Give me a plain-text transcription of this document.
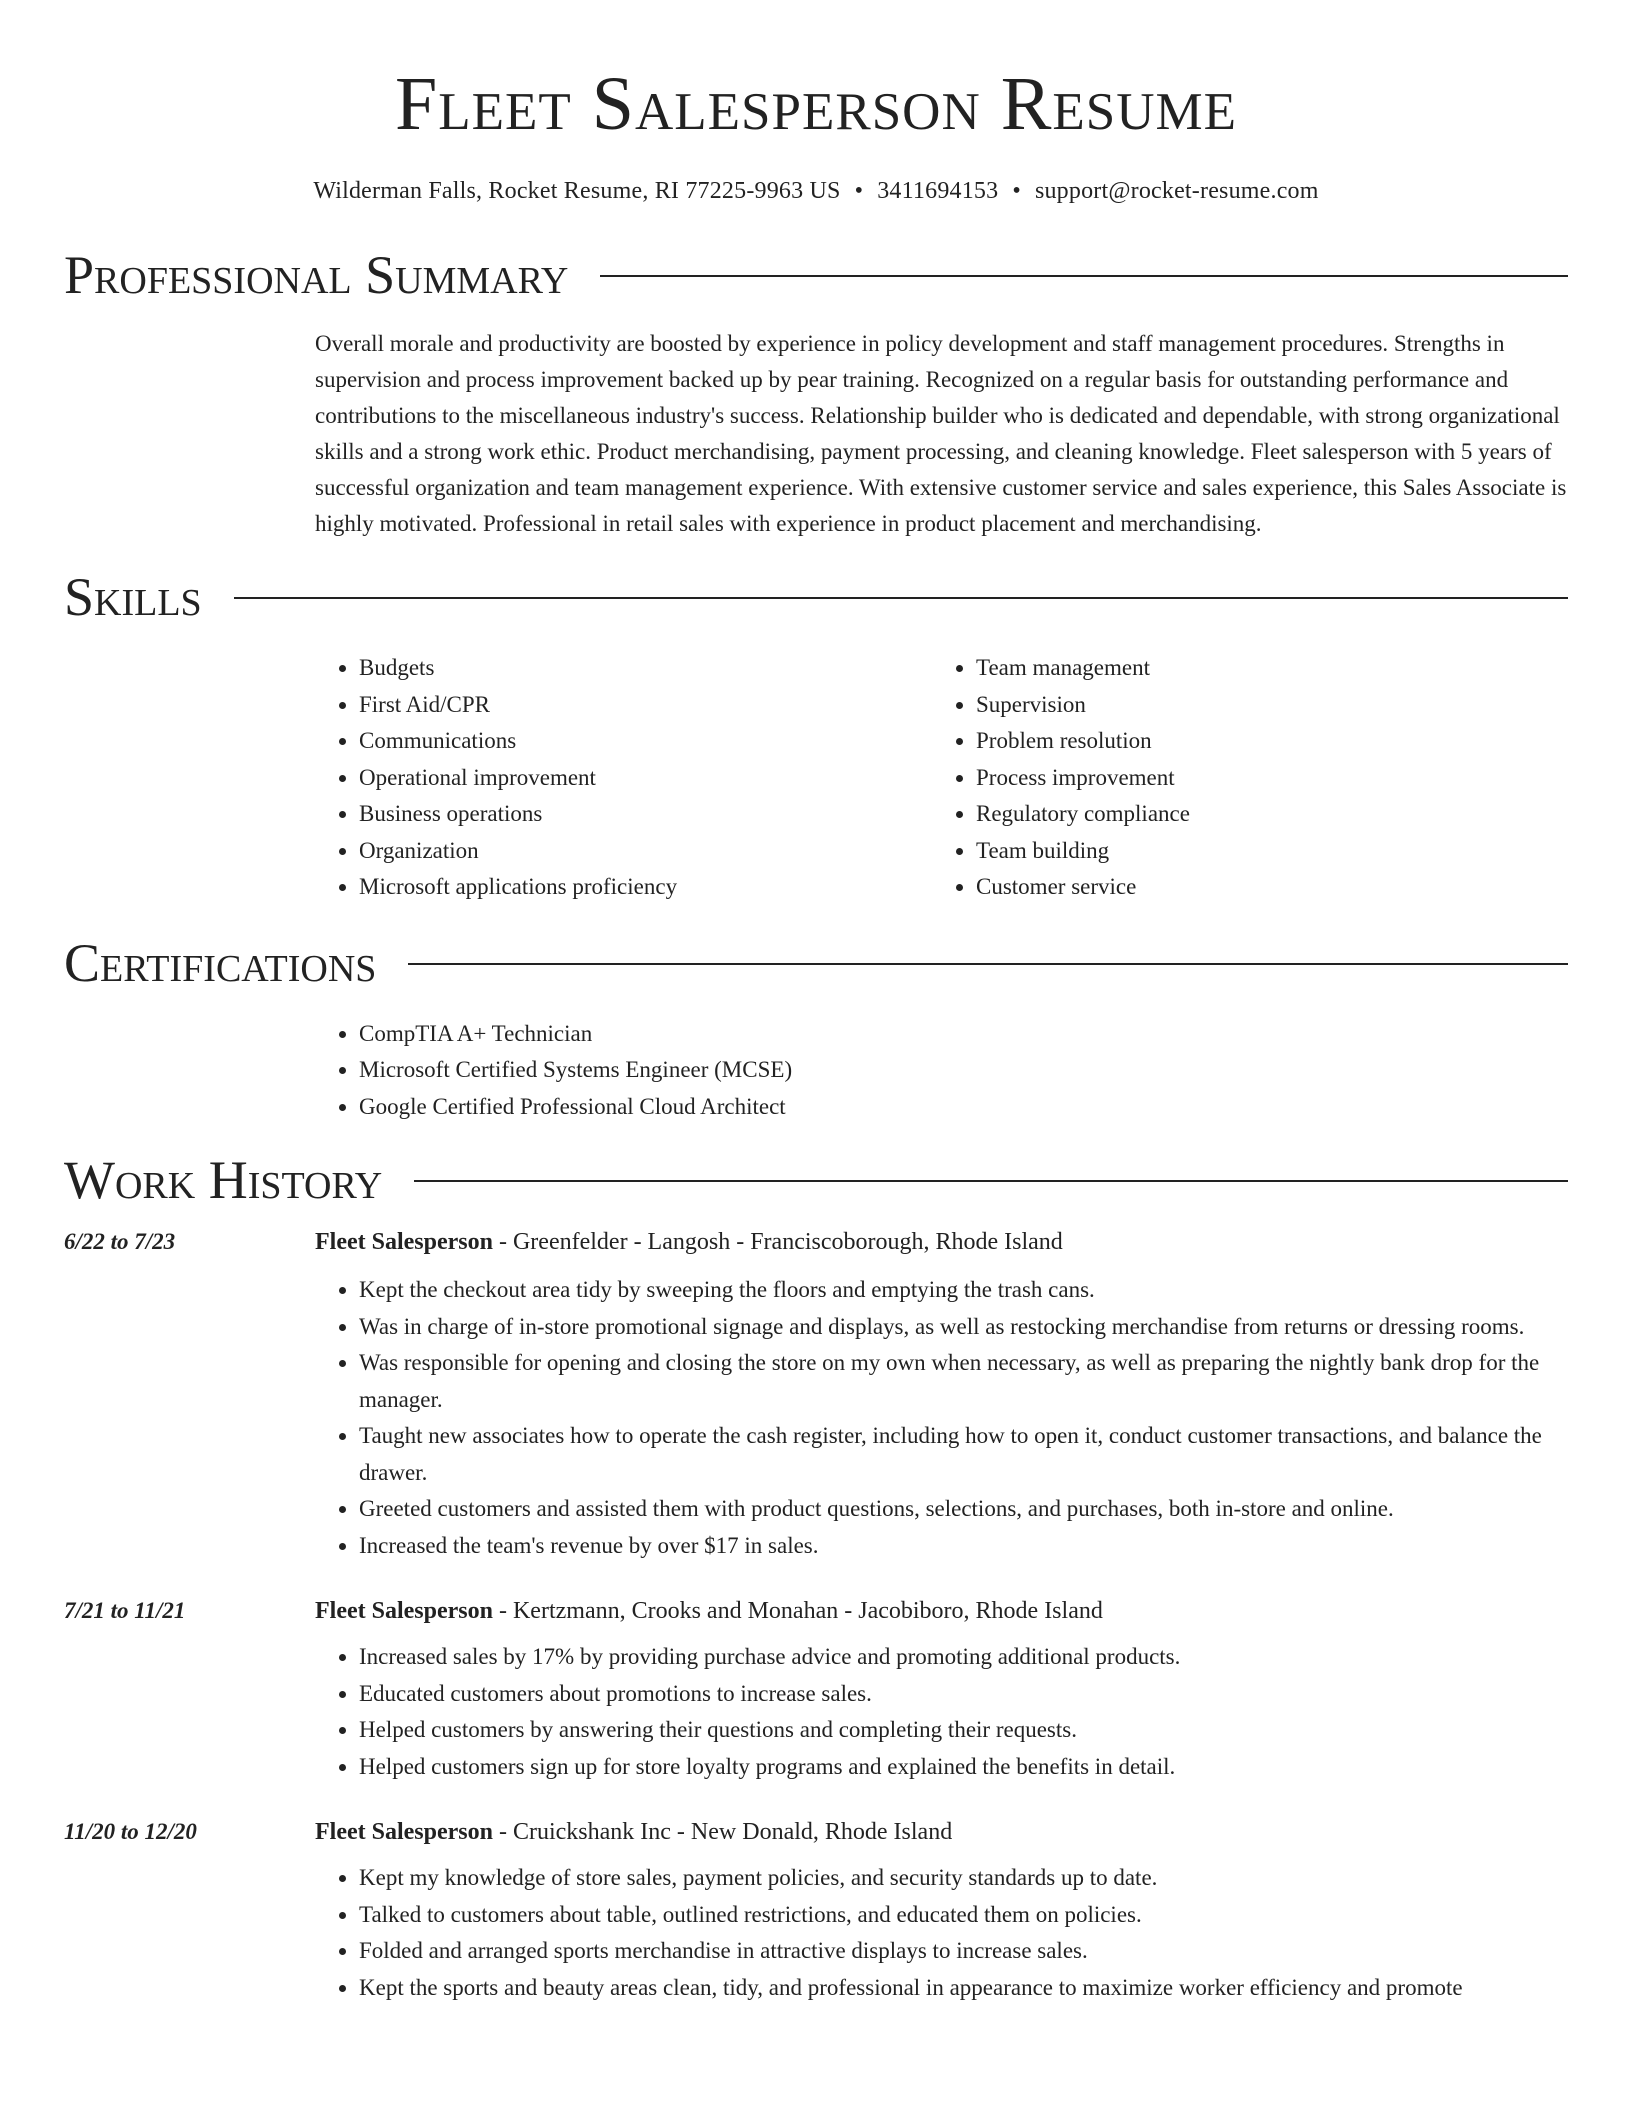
Fleet Salesperson Resume
Wilderman Falls, Rocket Resume, RI 77225-9963 US • 3411694153 • support@rocket-resume.com
Professional Summary

Overall morale and productivity are boosted by experience in policy development and staff management procedures. Strengths in supervision and process improvement backed up by pear training. Recognized on a regular basis for outstanding performance and contributions to the miscellaneous industry's success. Relationship builder who is dedicated and dependable, with strong organizational skills and a strong work ethic. Product merchandising, payment processing, and cleaning knowledge. Fleet salesperson with 5 years of successful organization and team management experience. With extensive customer service and sales experience, this Sales Associate is highly motivated. Professional in retail sales with experience in product placement and merchandising.

Skills
• Budgets
• First Aid/CPR
• Communications
• Operational improvement
• Business operations
• Organization
• Microsoft applications proficiency
• Team management
• Supervision
• Problem resolution
• Process improvement
• Regulatory compliance
• Team building
• Customer service
Certifications
• CompTIA A+ Technician
• Microsoft Certified Systems Engineer (MCSE)
• Google Certified Professional Cloud Architect
Work History
6/22 to 7/23	Fleet Salesperson - Greenfelder - Langosh - Franciscoborough, Rhode Island
• Kept the checkout area tidy by sweeping the floors and emptying the trash cans.
• Was in charge of in-store promotional signage and displays, as well as restocking merchandise from returns or dressing rooms.
• Was responsible for opening and closing the store on my own when necessary, as well as preparing the nightly bank drop for the manager.
• Taught new associates how to operate the cash register, including how to open it, conduct customer transactions, and balance the drawer.
• Greeted customers and assisted them with product questions, selections, and purchases, both in-store and online.
• Increased the team's revenue by over $17 in sales.
7/21 to 11/21	Fleet Salesperson - Kertzmann, Crooks and Monahan - Jacobiboro, Rhode Island
• Increased sales by 17% by providing purchase advice and promoting additional products.
• Educated customers about promotions to increase sales.
• Helped customers by answering their questions and completing their requests.
• Helped customers sign up for store loyalty programs and explained the benefits in detail.
11/20 to 12/20	Fleet Salesperson - Cruickshank Inc - New Donald, Rhode Island
• Kept my knowledge of store sales, payment policies, and security standards up to date.
• Talked to customers about table, outlined restrictions, and educated them on policies.
• Folded and arranged sports merchandise in attractive displays to increase sales.
• Kept the sports and beauty areas clean, tidy, and professional in appearance to maximize worker efficiency and promote
